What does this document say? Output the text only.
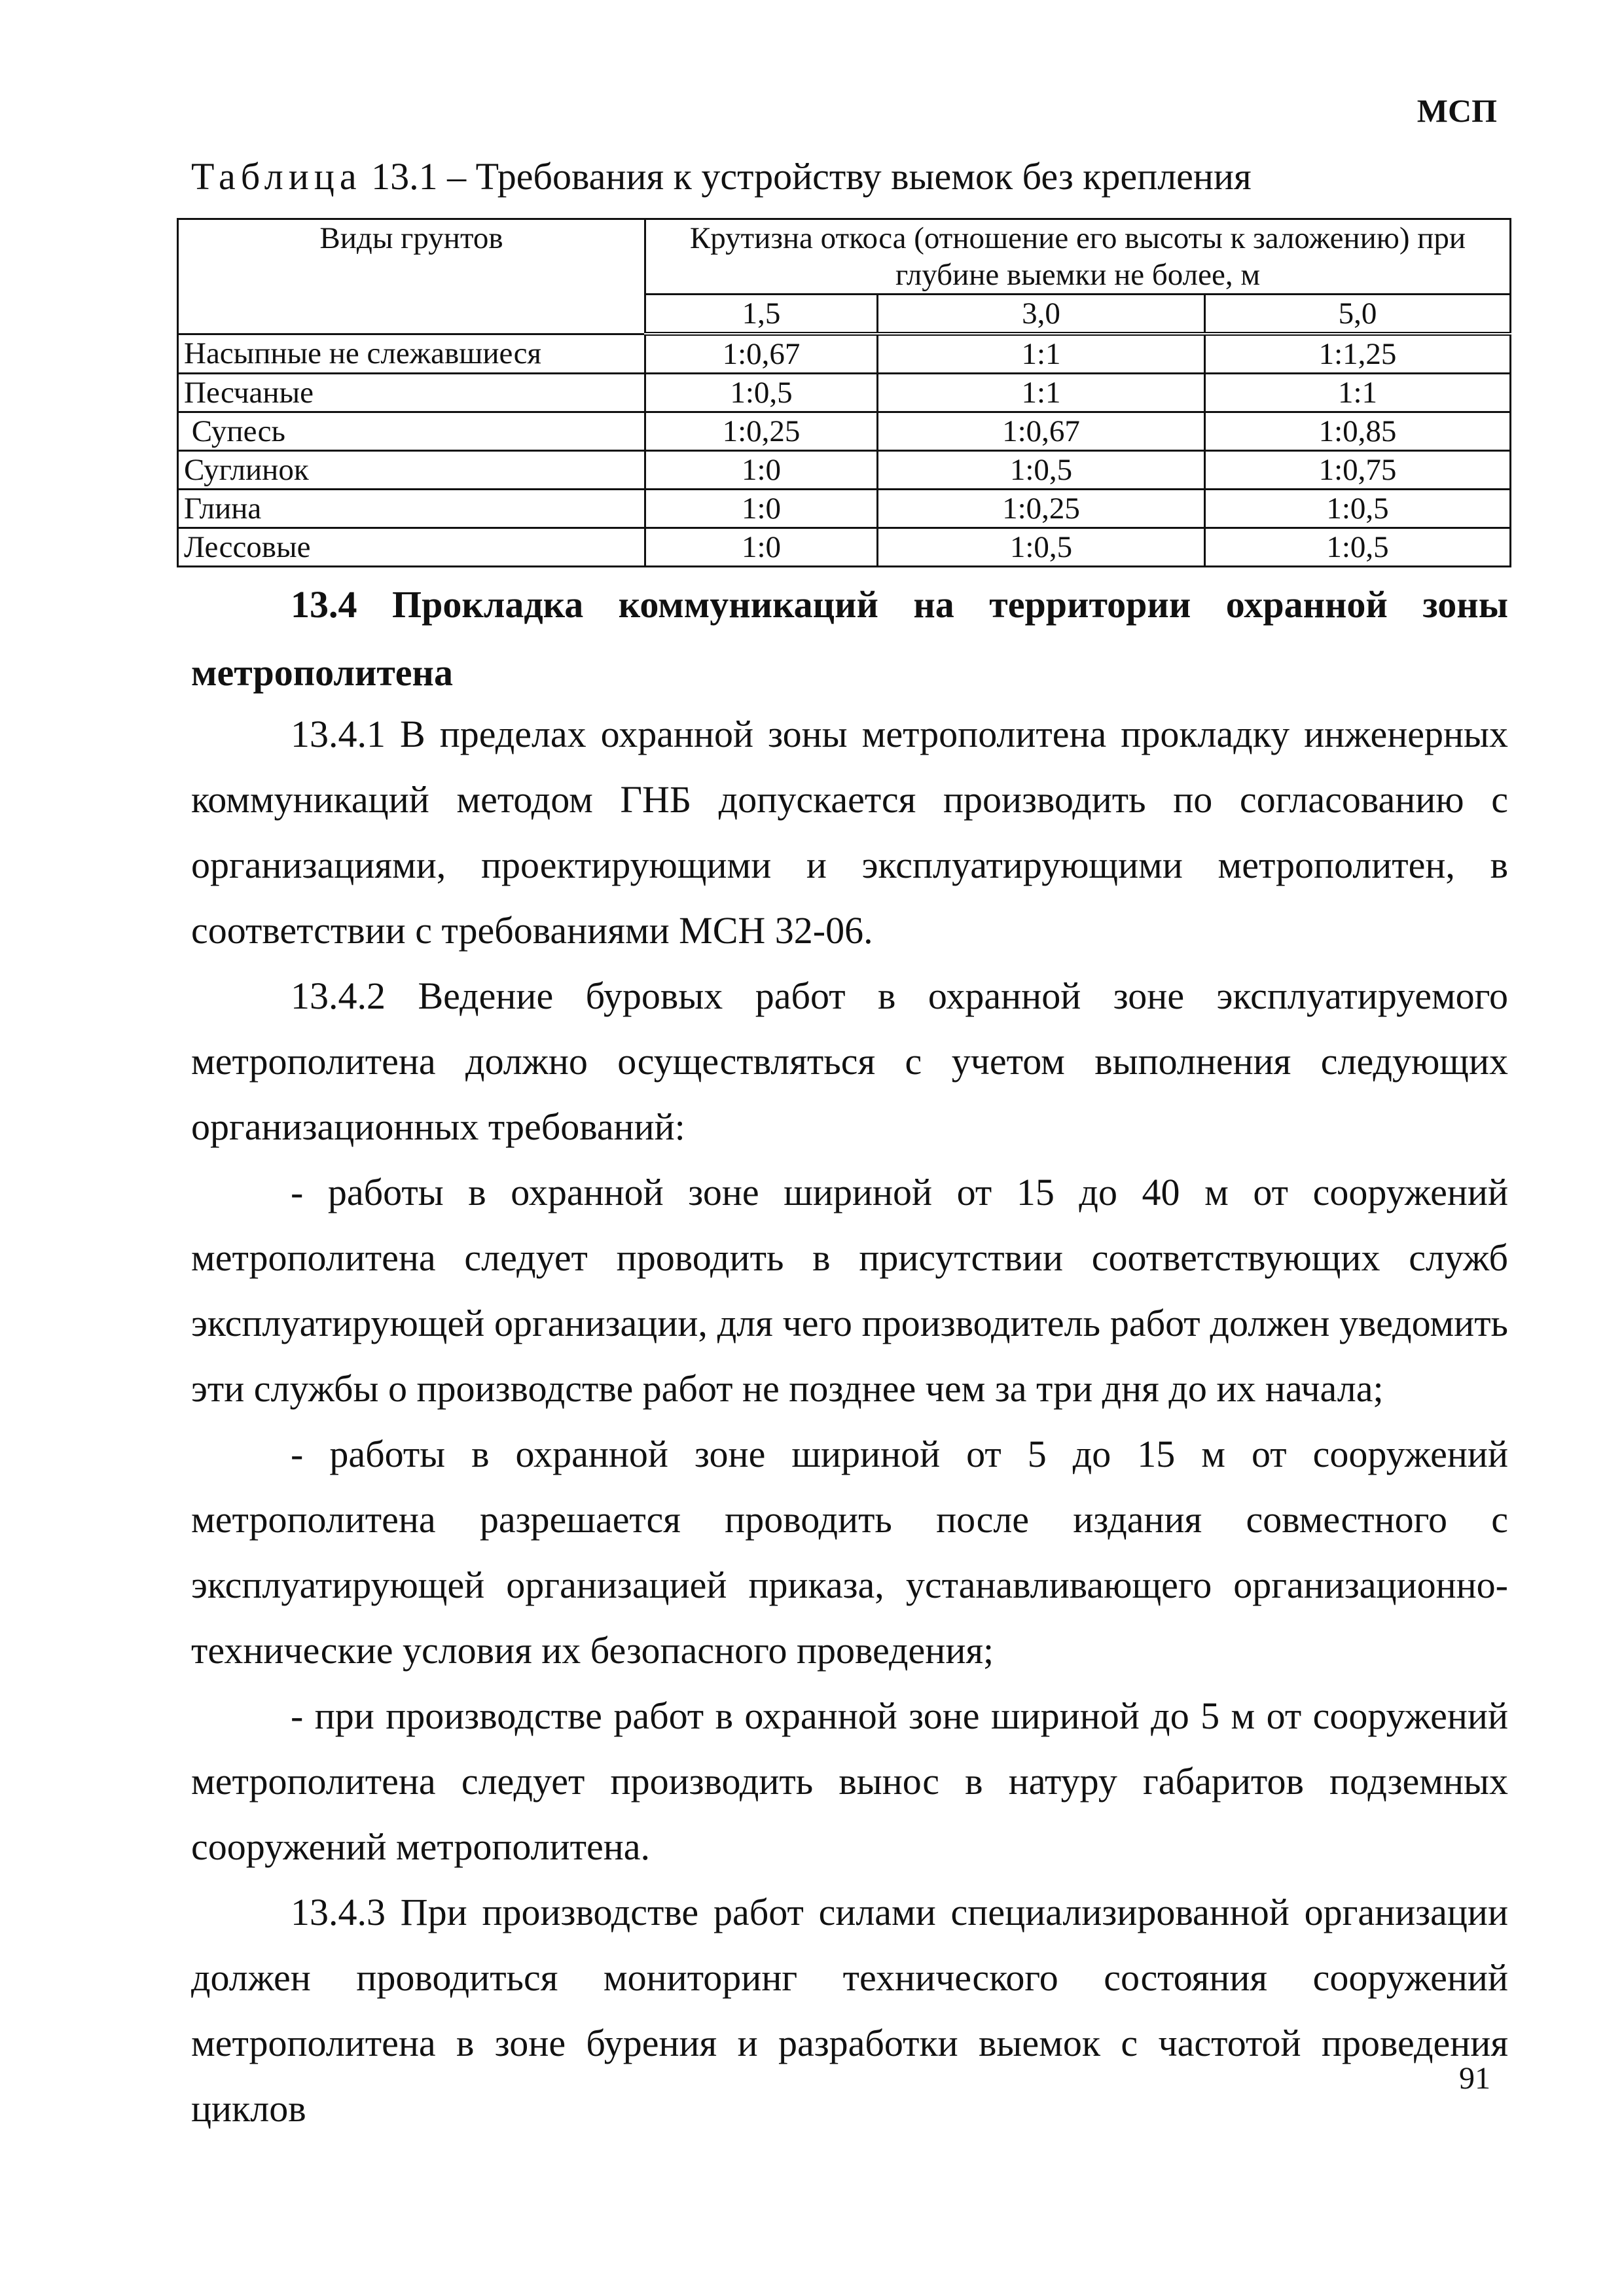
МСП
Таблица 13.1 – Требования к устройству выемок без крепления
Виды грунтов	Крутизна откоса (отношение его высоты к заложению) при глубине выемки не более, м		
	1,5	3,0	5,0
Насыпные не слежавшиеся	1:0,67	1:1	1:1,25
Песчаные	1:0,5	1:1	1:1
Супесь	1:0,25	1:0,67	1:0,85
Суглинок	1:0	1:0,5	1:0,75
Глина	1:0	1:0,25	1:0,5
Лессовые	1:0	1:0,5	1:0,5
13.4 Прокладка коммуникаций на территории охранной зоны метрополитена

13.4.1 В пределах охранной зоны метрополитена прокладку инженерных коммуникаций методом ГНБ допускается производить по согласованию с организациями, проектирующими и эксплуатирующими метрополитен, в соответствии с требованиями МСН 32-06.

13.4.2 Ведение буровых работ в охранной зоне эксплуатируемого метрополитена должно осуществляться с учетом выполнения следующих организационных требований:

- работы в охранной зоне шириной от 15 до 40 м от сооружений метрополитена следует проводить в присутствии соответствующих служб эксплуатирующей организации, для чего производитель работ должен уведомить эти службы о производстве работ не позднее чем за три дня до их начала;

- работы в охранной зоне шириной от 5 до 15 м от сооружений метрополитена разрешается проводить после издания совместного с эксплуатирующей организацией приказа, устанавливающего организационно-технические условия их безопасного проведения;

- при производстве работ в охранной зоне шириной до 5 м от сооружений метрополитена следует производить вынос в натуру габаритов подземных сооружений метрополитена.

13.4.3 При производстве работ силами специализированной организации должен проводиться мониторинг технического состояния сооружений метрополитена в зоне бурения и разработки выемок с частотой проведения циклов

91
